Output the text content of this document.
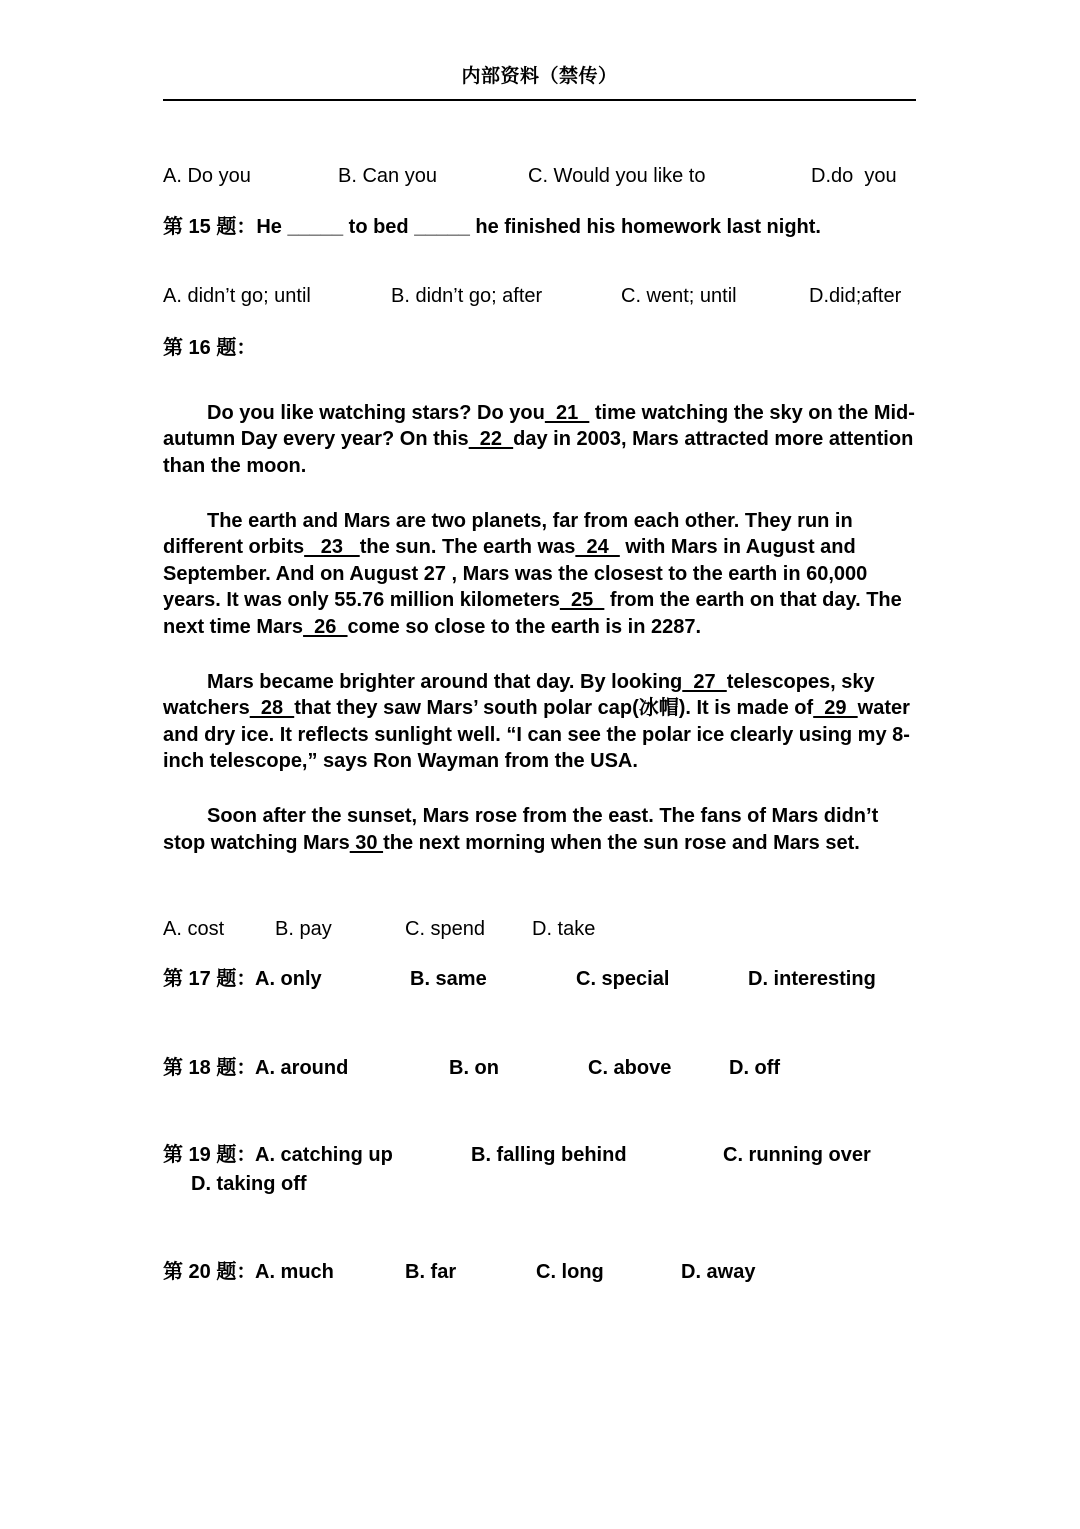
内部资料（禁传）
A. Do you	B. Can you	C. Would you like to	D.do  you
第 15 题：He _____ to bed _____ he finished his homework last night.
A. didn’t go; until	B. didn’t go; after	C. went; until	D.did;after
第 16 题：

Do you like watching stars? Do you  21   time watching the sky on the Mid-autumn Day every year? On this  22  day in 2003, Mars attracted more attention than the moon.

The earth and Mars are two planets, far from each other. They run in different orbits   23   the sun. The earth was  24   with Mars in August and September. And on August 27 , Mars was the closest to the earth in 60,000 years. It was only 55.76 million kilometers  25   from the earth on that day. The next time Mars  26  come so close to the earth is in 2287.

Mars became brighter around that day. By looking  27  telescopes, sky watchers  28  that they saw Mars’ south polar cap(冰帽). It is made of  29  water and dry ice. It reflects sunlight well. “I can see the polar ice clearly using my 8-inch telescope,” says Ron Wayman from the USA.

Soon after the sunset, Mars rose from the east. The fans of Mars didn’t stop watching Mars 30 the next morning when the sun rose and Mars set.

A. cost	B. pay	C. spend	D. take
第 17 题：
A. only	B. same	C. special	D. interesting
第 18 题：
A. around	B. on	C. above	D. off
第 19 题：
A. catching up	B. falling behind	C. running over
D. taking off
第 20 题：
A. much	B. far	C. long	D. away
